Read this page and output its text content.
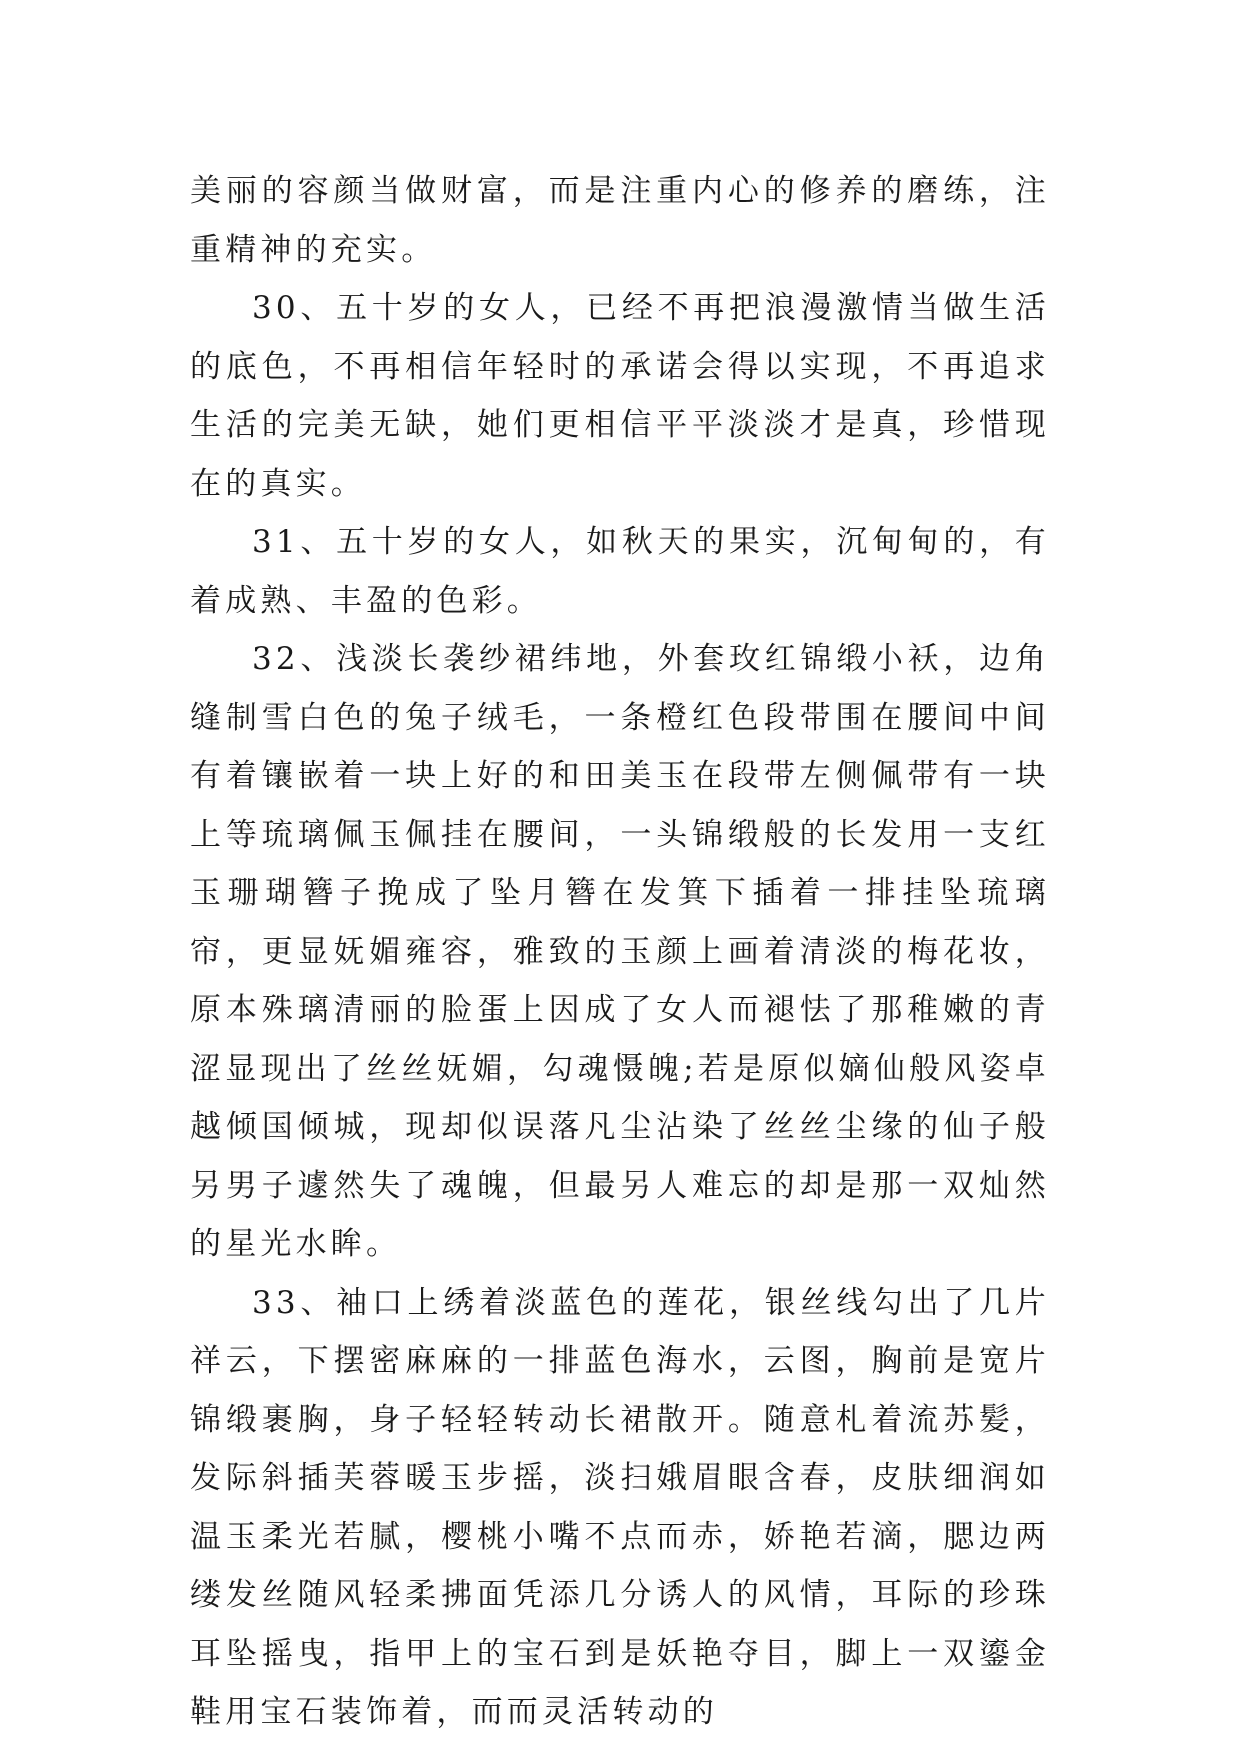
美丽的容颜当做财富，而是注重内心的修养的磨练，注重精神的充实。

30、五十岁的女人，已经不再把浪漫激情当做生活的底色，不再相信年轻时的承诺会得以实现，不再追求生活的完美无缺，她们更相信平平淡淡才是真，珍惜现在的真实。

31、五十岁的女人，如秋天的果实，沉甸甸的，有着成熟、丰盈的色彩。

32、浅淡长袭纱裙纬地，外套玫红锦缎小袄，边角缝制雪白色的兔子绒毛，一条橙红色段带围在腰间中间有着镶嵌着一块上好的和田美玉在段带左侧佩带有一块上等琉璃佩玉佩挂在腰间，一头锦缎般的长发用一支红玉珊瑚簪子挽成了坠月簪在发箕下插着一排挂坠琉璃帘，更显妩媚雍容，雅致的玉颜上画着清淡的梅花妆，原本殊璃清丽的脸蛋上因成了女人而褪怯了那稚嫩的青涩显现出了丝丝妩媚，勾魂慑魄;若是原似嫡仙般风姿卓越倾国倾城，现却似误落凡尘沾染了丝丝尘缘的仙子般另男子遽然失了魂魄，但最另人难忘的却是那一双灿然的星光水眸。

33、袖口上绣着淡蓝色的莲花，银丝线勾出了几片祥云，下摆密麻麻的一排蓝色海水，云图，胸前是宽片锦缎裹胸，身子轻轻转动长裙散开。随意札着流苏髪，发际斜插芙蓉暖玉步摇，淡扫娥眉眼含春，皮肤细润如温玉柔光若腻，樱桃小嘴不点而赤，娇艳若滴，腮边两缕发丝随风轻柔拂面凭添几分诱人的风情，耳际的珍珠耳坠摇曳，指甲上的宝石到是妖艳夺目，脚上一双鎏金鞋用宝石装饰着，而而灵活转动的
